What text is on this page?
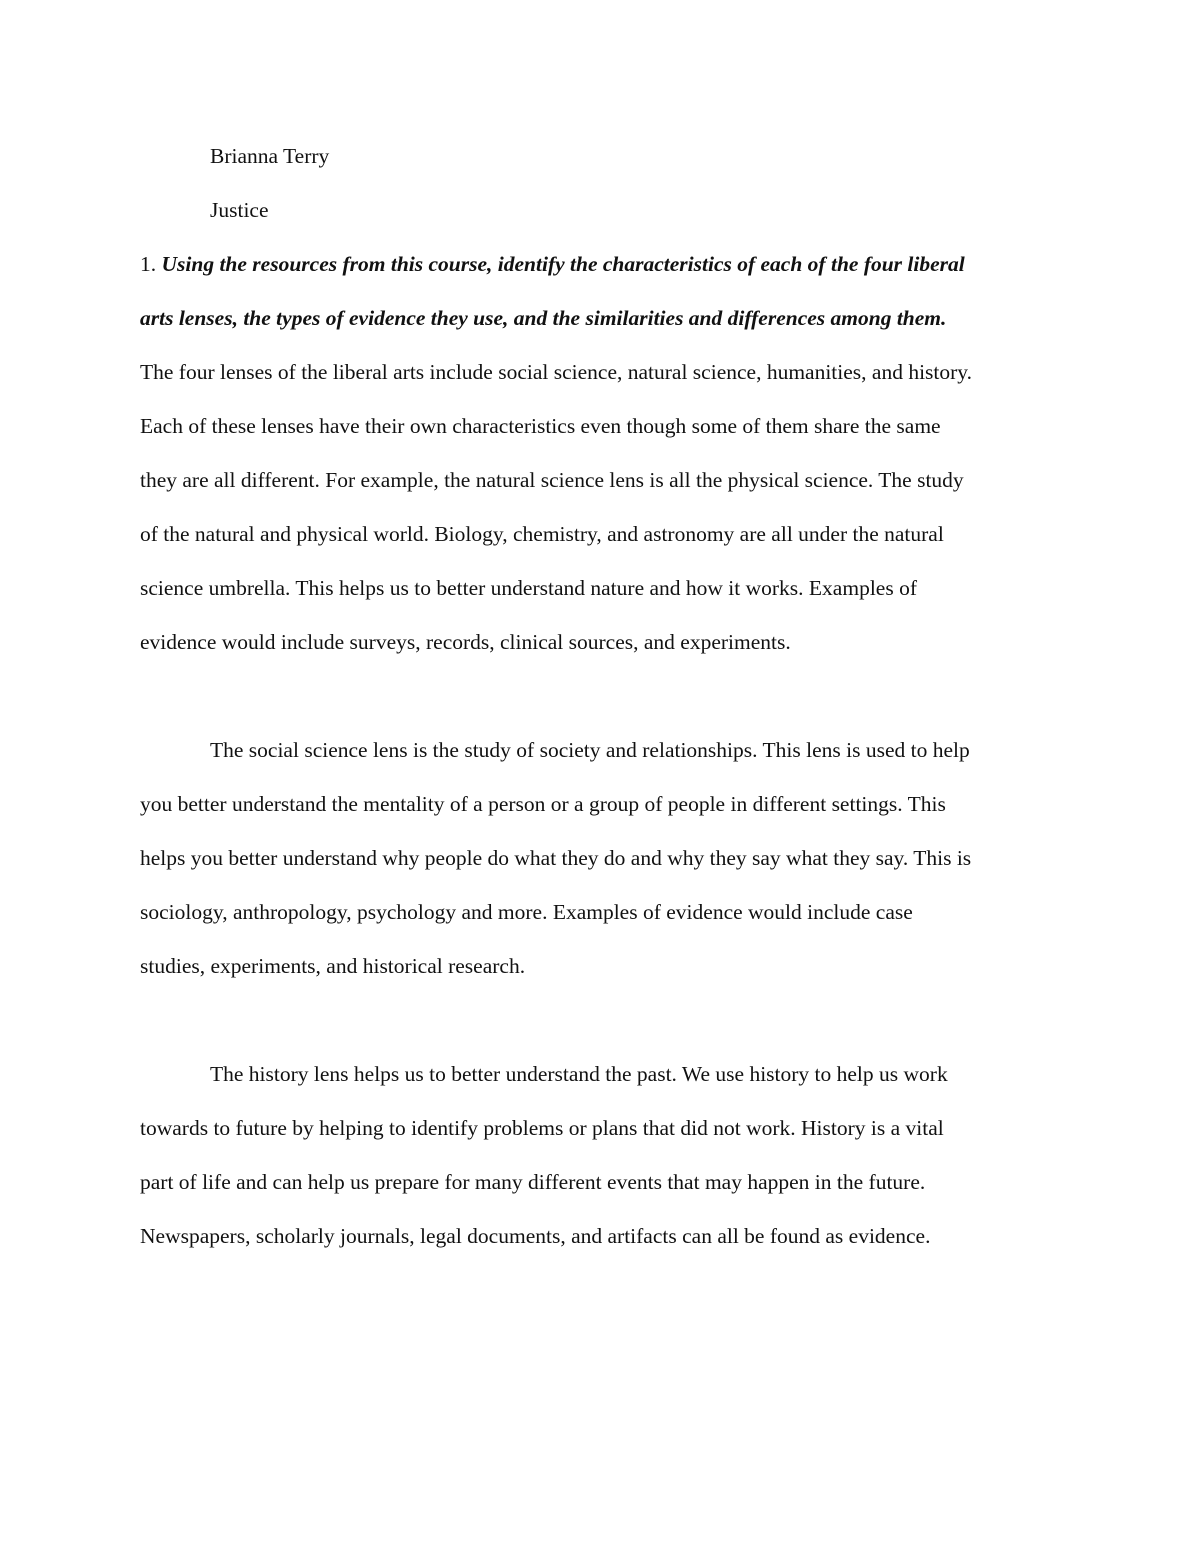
Brianna Terry
Justice
1. Using the resources from this course, identify the characteristics of each of the four liberal
arts lenses, the types of evidence they use, and the similarities and differences among them.
The four lenses of the liberal arts include social science, natural science, humanities, and history.
Each of these lenses have their own characteristics even though some of them share the same
they are all different. For example, the natural science lens is all the physical science. The study
of the natural and physical world. Biology, chemistry, and astronomy are all under the natural
science umbrella. This helps us to better understand nature and how it works. Examples of
evidence would include surveys, records, clinical sources, and experiments.
The social science lens is the study of society and relationships. This lens is used to help
you better understand the mentality of a person or a group of people in different settings. This
helps you better understand why people do what they do and why they say what they say. This is
sociology, anthropology, psychology and more. Examples of evidence would include case
studies, experiments, and historical research.
The history lens helps us to better understand the past. We use history to help us work
towards to future by helping to identify problems or plans that did not work. History is a vital
part of life and can help us prepare for many different events that may happen in the future.
Newspapers, scholarly journals, legal documents, and artifacts can all be found as evidence.
